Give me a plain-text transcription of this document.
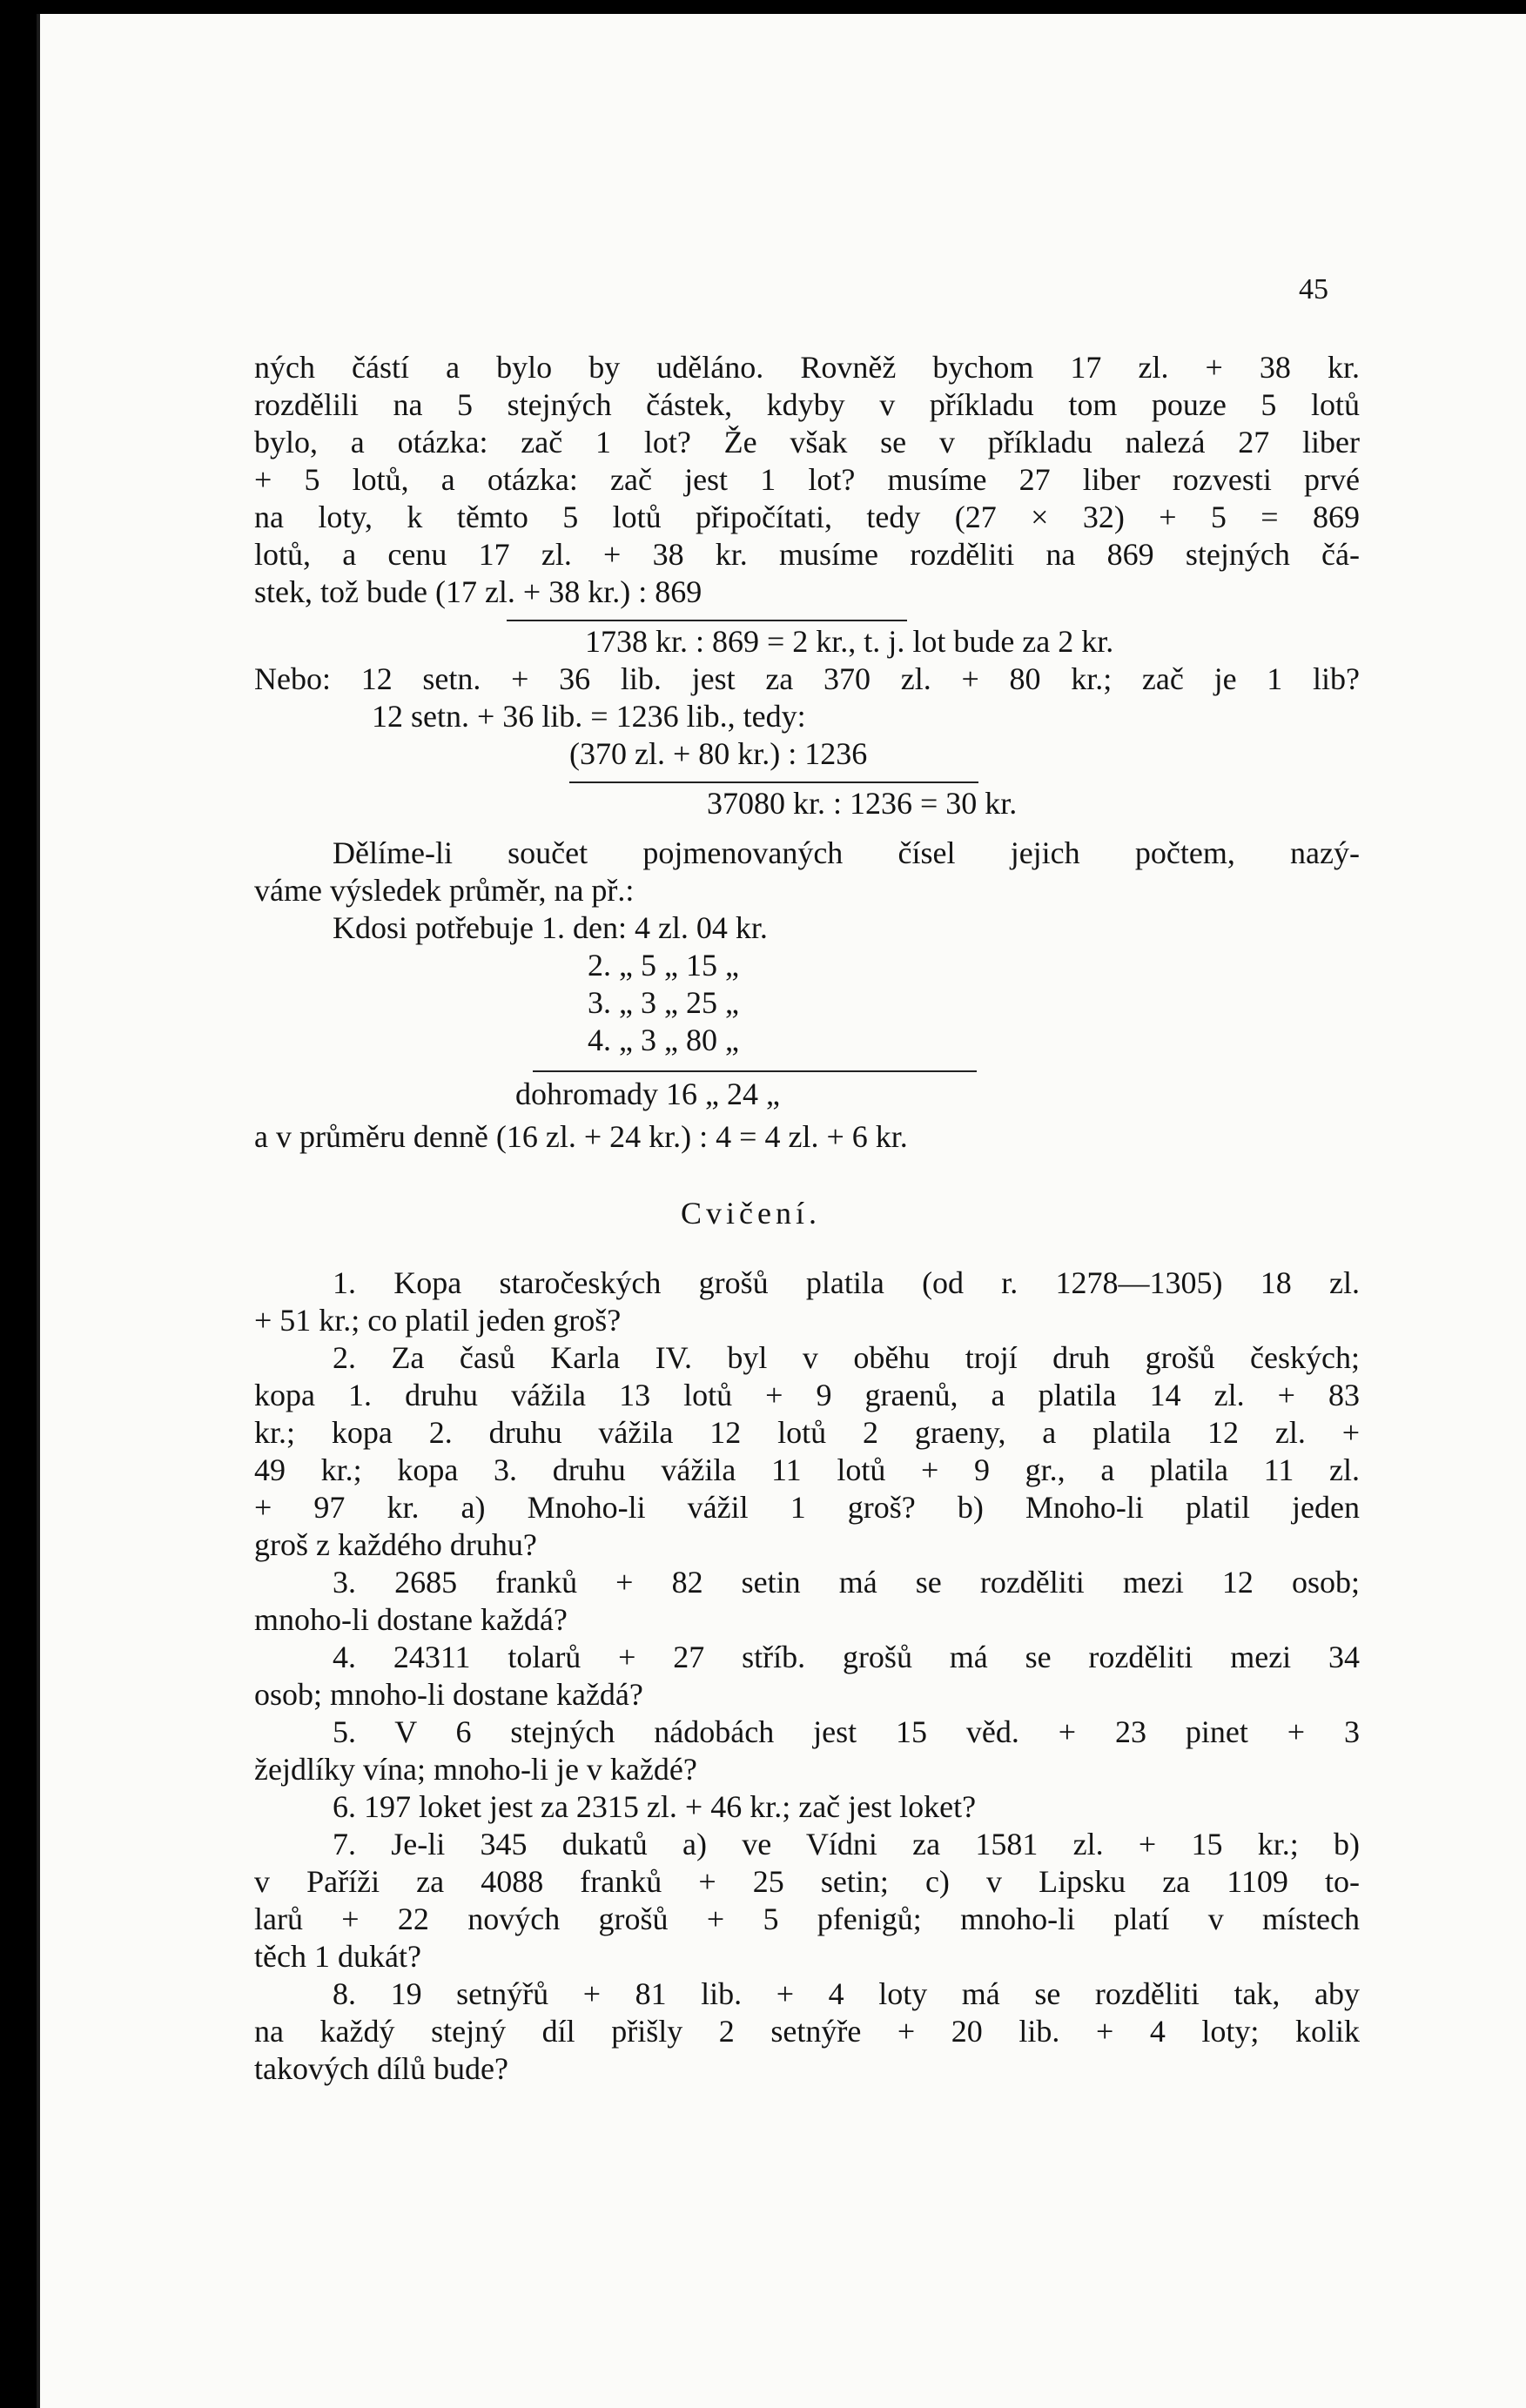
45
ných částí a bylo by uděláno. Rovněž bychom 17 zl. + 38 kr.
rozdělili na 5 stejných částek, kdyby v příkladu tom pouze 5 lotů
bylo, a otázka: zač 1 lot? Že však se v příkladu nalezá 27 liber
+ 5 lotů, a otázka: zač jest 1 lot? musíme 27 liber rozvesti prvé
na loty, k těmto 5 lotů připočítati, tedy (27 × 32) + 5 = 869
lotů, a cenu 17 zl. + 38 kr. musíme rozděliti na 869 stejných čá-
stek, tož bude (17 zl. + 38 kr.) : 869
1738 kr. : 869 = 2 kr., t. j. lot bude za 2 kr.
Nebo: 12 setn. + 36 lib. jest za 370 zl. + 80 kr.; zač je 1 lib?
12 setn. + 36 lib. = 1236 lib., tedy:
(370 zl. + 80 kr.) : 1236
37080 kr. : 1236 = 30 kr.
Dělíme-li součet pojmenovaných čísel jejich počtem, nazý-
váme výsledek průměr, na př.:
Kdosi potřebuje 1. den: 4 zl. 04 kr.
2. „ 5 „ 15 „
3. „ 3 „ 25 „
4. „ 3 „ 80 „
dohromady 16 „ 24 „
a v průměru denně (16 zl. + 24 kr.) : 4 = 4 zl. + 6 kr.
Cvičení.
1. Kopa staročeských grošů platila (od r. 1278—1305) 18 zl.
+ 51 kr.; co platil jeden groš?
2. Za časů Karla IV. byl v oběhu trojí druh grošů českých;
kopa 1. druhu vážila 13 lotů + 9 graenů, a platila 14 zl. + 83
kr.; kopa 2. druhu vážila 12 lotů 2 graeny, a platila 12 zl. +
49 kr.; kopa 3. druhu vážila 11 lotů + 9 gr., a platila 11 zl.
+ 97 kr. a) Mnoho-li vážil 1 groš? b) Mnoho-li platil jeden
groš z každého druhu?
3. 2685 franků + 82 setin má se rozděliti mezi 12 osob;
mnoho-li dostane každá?
4. 24311 tolarů + 27 stříb. grošů má se rozděliti mezi 34
osob; mnoho-li dostane každá?
5. V 6 stejných nádobách jest 15 věd. + 23 pinet + 3
žejdlíky vína; mnoho-li je v každé?
6. 197 loket jest za 2315 zl. + 46 kr.; zač jest loket?
7. Je-li 345 dukatů a) ve Vídni za 1581 zl. + 15 kr.; b)
v Paříži za 4088 franků + 25 setin; c) v Lipsku za 1109 to-
larů + 22 nových grošů + 5 pfenigů; mnoho-li platí v místech
těch 1 dukát?
8. 19 setnýřů + 81 lib. + 4 loty má se rozděliti tak, aby
na každý stejný díl přišly 2 setnýře + 20 lib. + 4 loty; kolik
takových dílů bude?
